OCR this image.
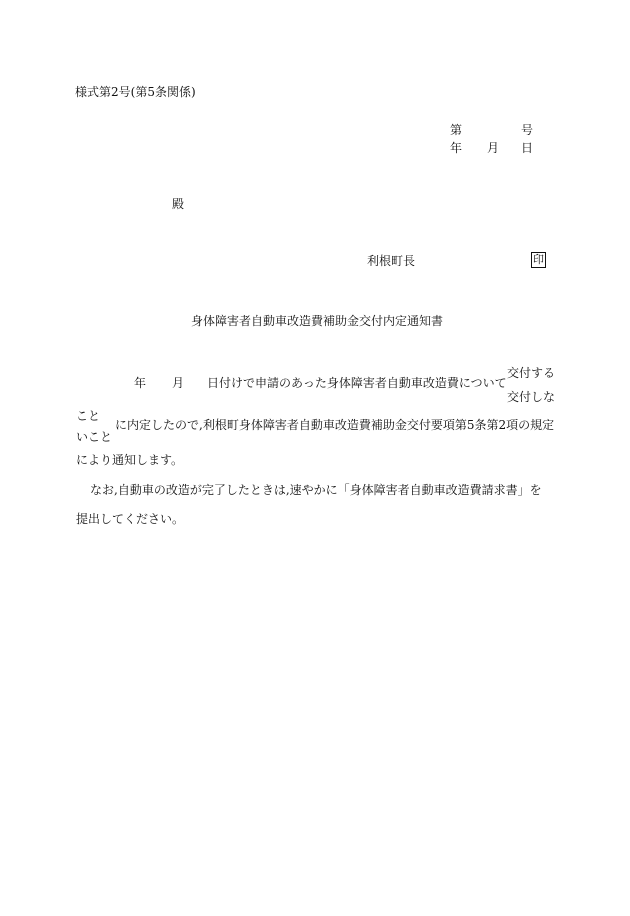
様式第2号(第5条関係)
第	号
年 月 日
殿
利根町長	印
身体障害者自動車改造費補助金交付内定通知書
年 月 日付けで申請のあった身体障害者自動車改造費について
交付する
交付しな
こと
いこと
に内定したので,利根町身体障害者自動車改造費補助金交付要項第5条第2項の規定
により通知します。
なお,自動車の改造が完了したときは,速やかに「身体障害者自動車改造費請求書」を
提出してください。
